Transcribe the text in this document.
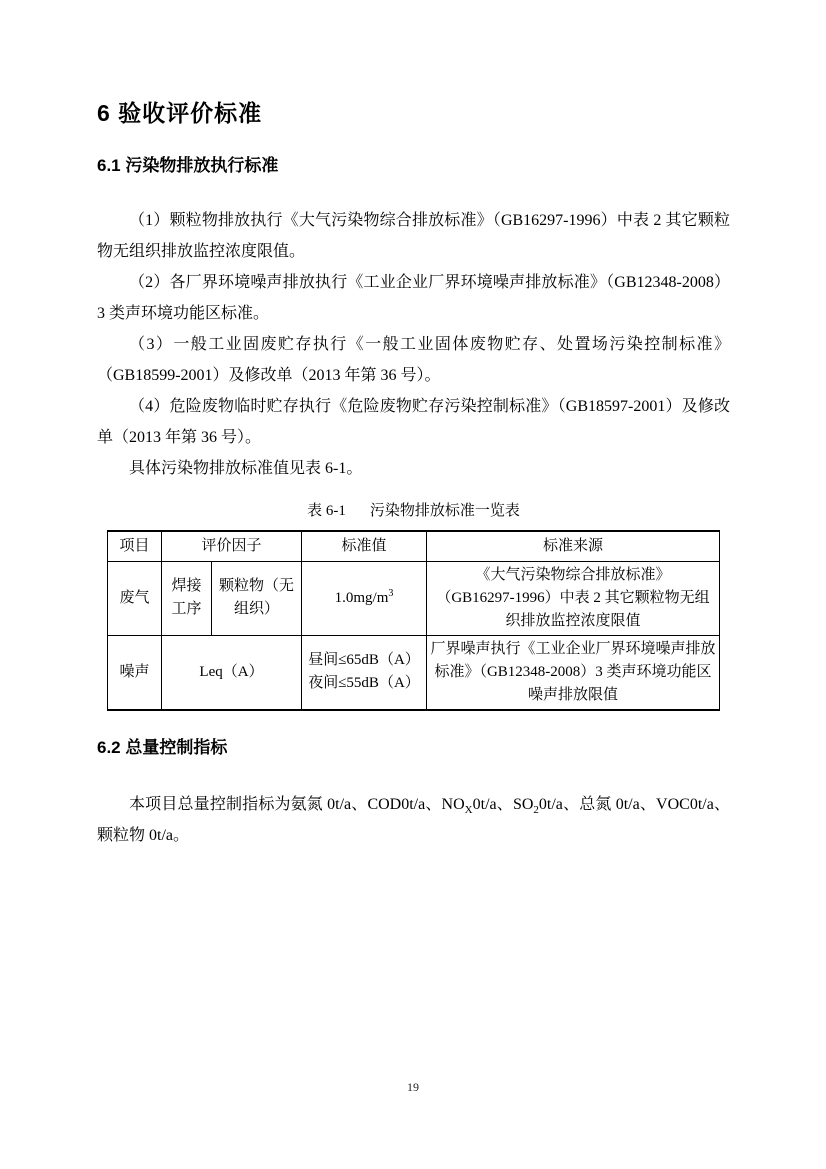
6 验收评价标准
6.1 污染物排放执行标准

（1）颗粒物排放执行《大气污染物综合排放标准》（GB16297-1996）中表 2 其它颗粒物无组织排放监控浓度限值。

（2）各厂界环境噪声排放执行《工业企业厂界环境噪声排放标准》（GB12348-2008）3 类声环境功能区标准。

（3）一般工业固废贮存执行《一般工业固体废物贮存、处置场污染控制标准》（GB18599-2001）及修改单（2013 年第 36 号）。

（4）危险废物临时贮存执行《危险废物贮存污染控制标准》（GB18597-2001）及修改单（2013 年第 36 号）。

具体污染物排放标准值见表 6-1。

表 6-1 污染物排放标准一览表
项目	评价因子		标准值	标准来源
废气	焊接工序	颗粒物（无组织）	$1.0mg/m^3$	《大气污染物综合排放标准》
（GB16297-1996）中表 2 其它颗粒物无组织排放监控浓度限值

噪声	Leq（A）		昼间≤65dB（A）
夜间≤55dB（A）	厂界噪声执行《工业企业厂界环境噪声排放标准》（GB12348-2008）3 类声环境功能区噪声排放限值
6.2 总量控制指标

本项目总量控制指标为氨氮 0t/a、COD0t/a、$NO_X0t/a$、$SO_20t/a$、总氮 0t/a、VOC0t/a、颗粒物 0t/a。

19
